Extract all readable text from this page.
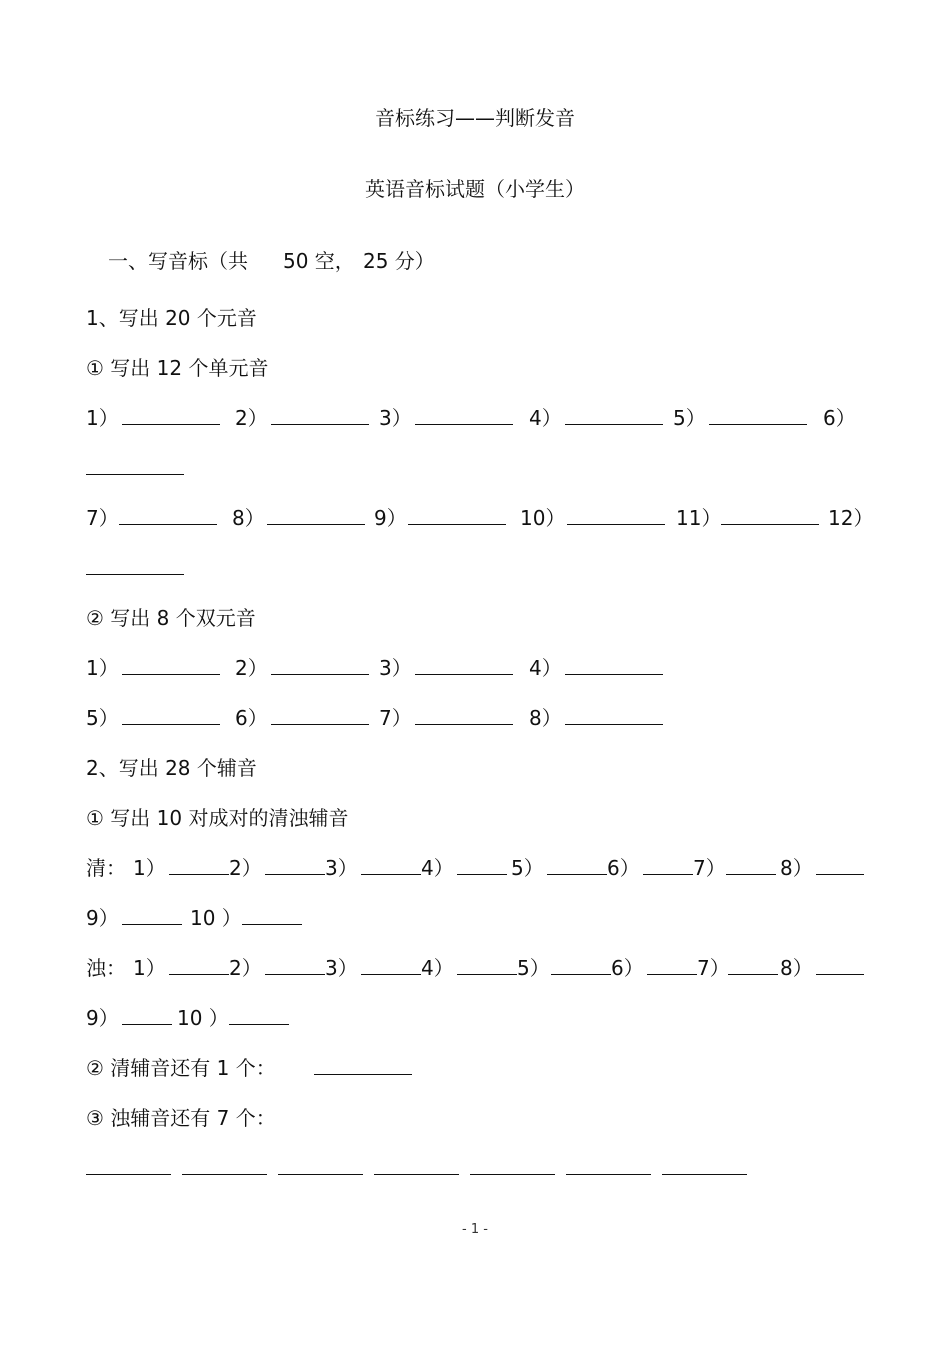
音标练习——判断发音
英语音标试题（小学生）
一、写音标（共 50 空， 25 分）
1、写出 20 个元音
① 写出 12 个单元音
1）	2）	3）	4）	5）	6）
7）	8）	9）	10）	11）	12）
② 写出 8 个双元音
1）	2）	3）	4）
5）	6）	7）	8）
2、写出 28 个辅音
① 写出 10 对成对的清浊辅音
清： 1）	2）	3）	4）	5）	6）	7）	8）
9）	10 ）
浊： 1）	2）	3）	4）	5）	6）	7）	8）
9）	10 ）
② 清辅音还有 1 个：
③ 浊辅音还有 7 个：
- 1 -
